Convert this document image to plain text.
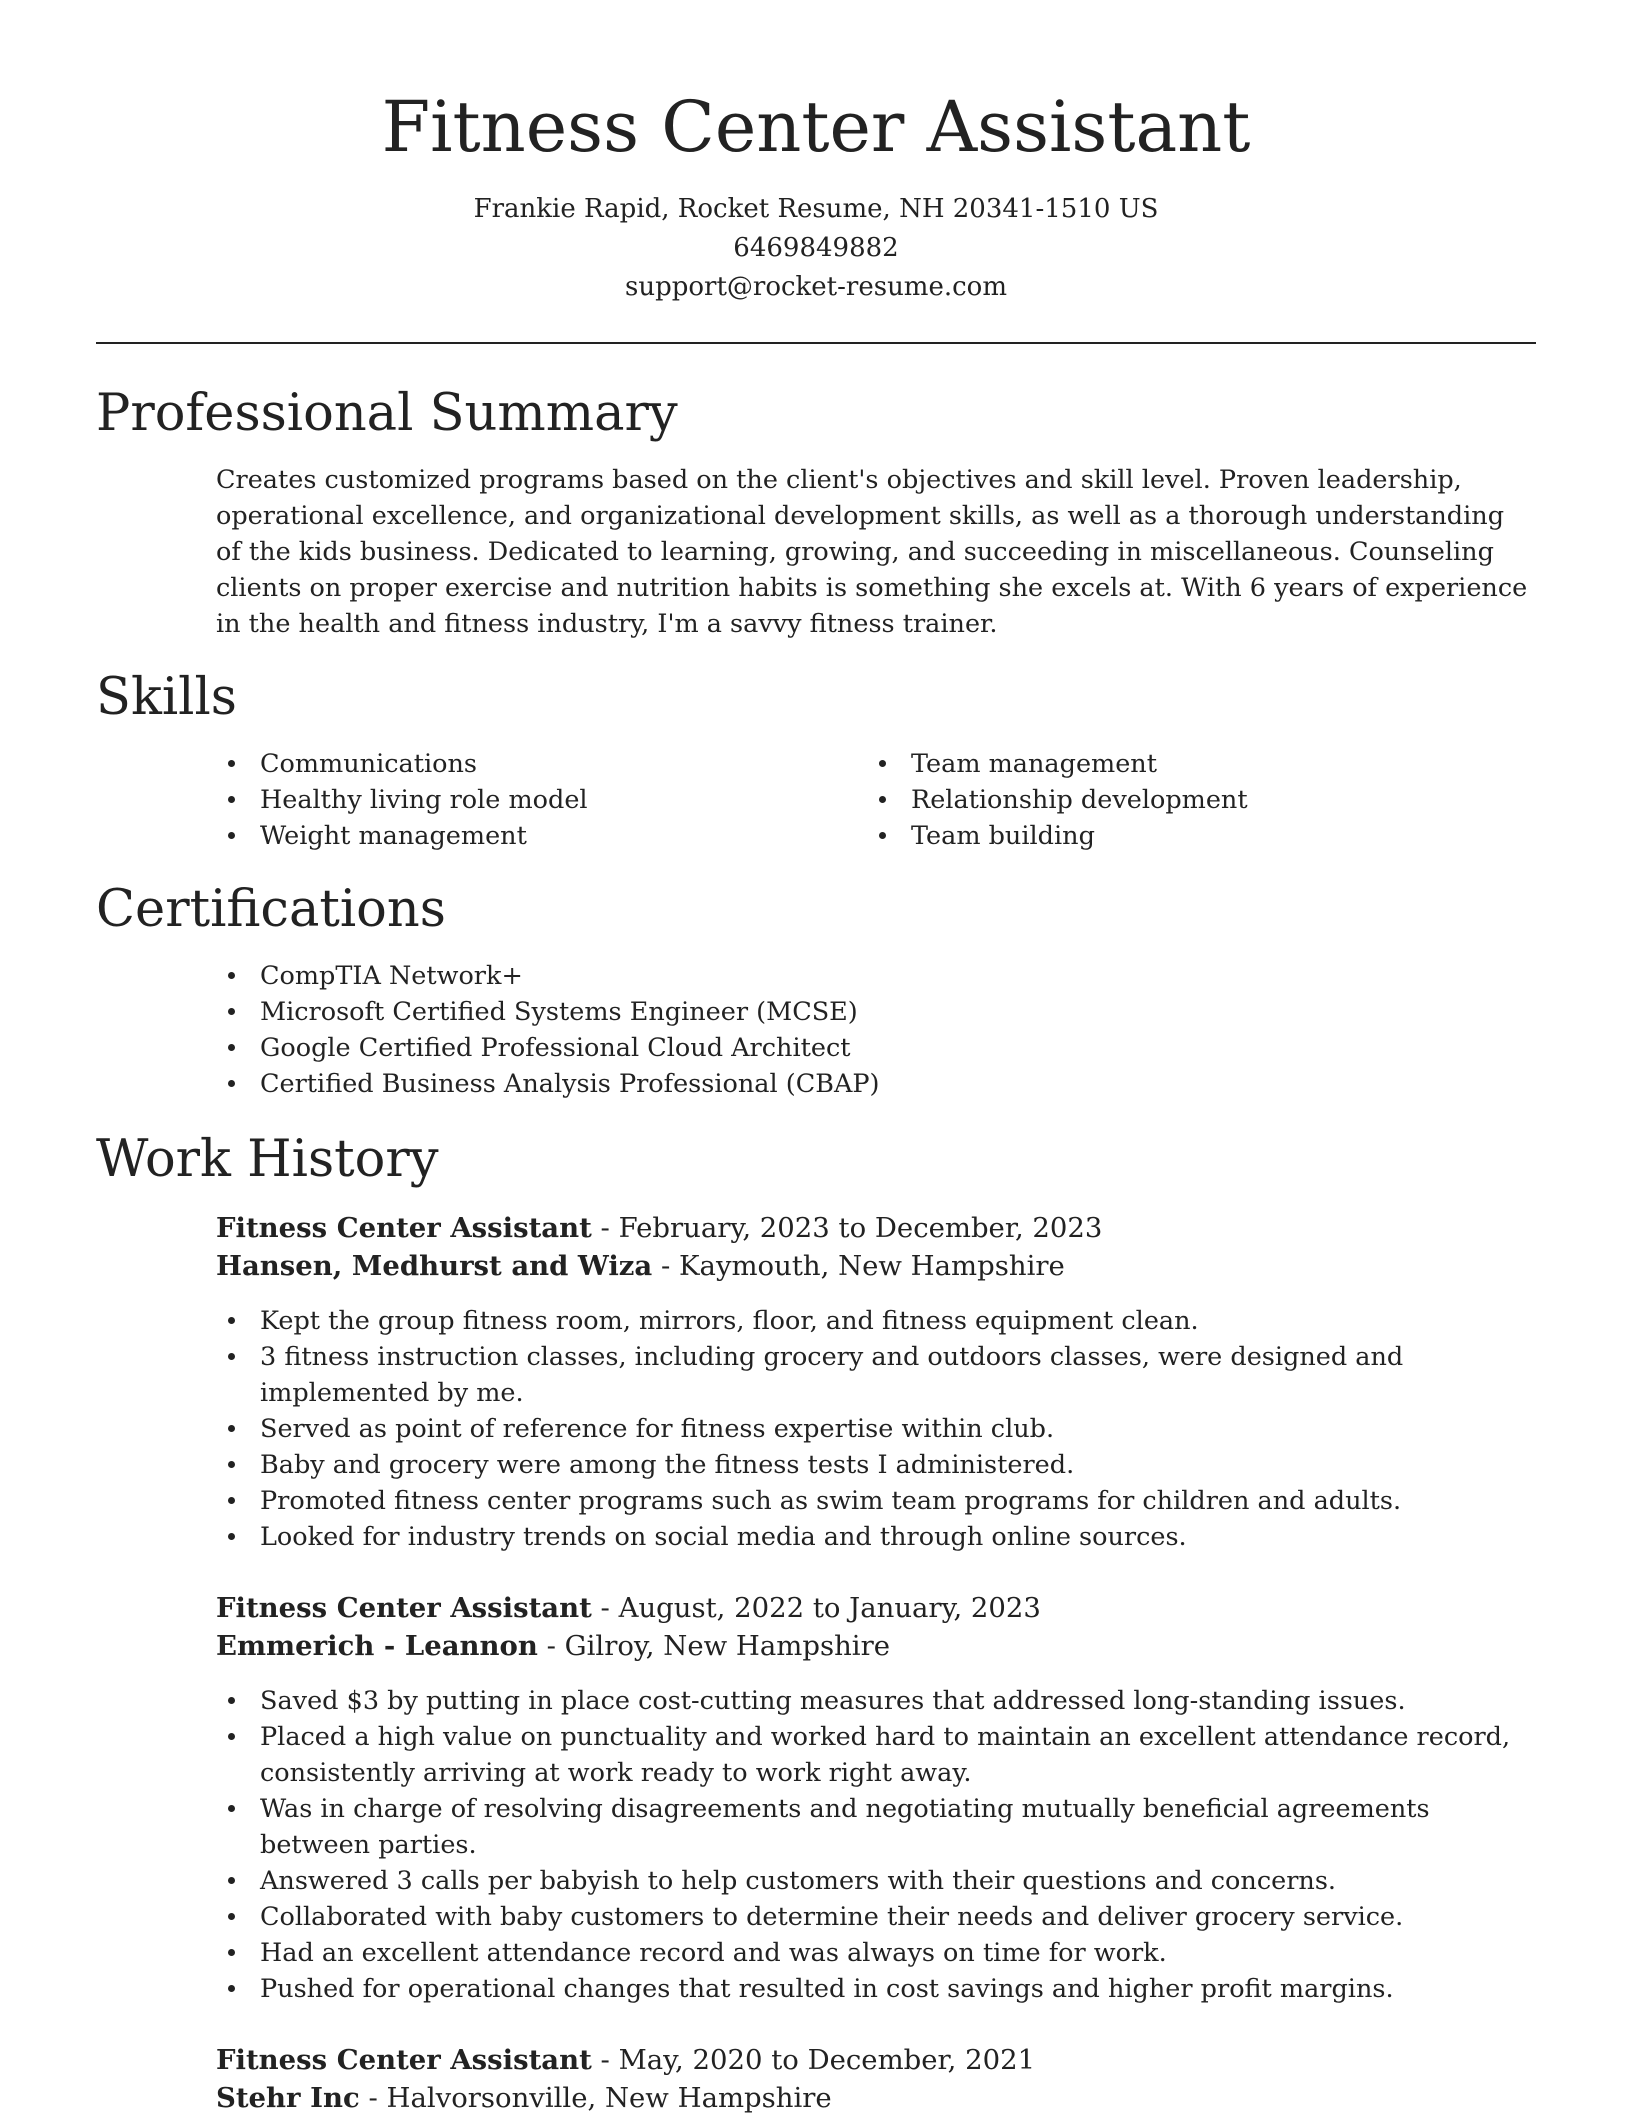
Fitness Center Assistant
Frankie Rapid, Rocket Resume, NH 20341-1510 US
6469849882
support@rocket-resume.com
Professional Summary

Creates customized programs based on the client's objectives and skill level. Proven leadership, operational excellence, and organizational development skills, as well as a thorough understanding of the kids business. Dedicated to learning, growing, and succeeding in miscellaneous. Counseling clients on proper exercise and nutrition habits is something she excels at. With 6 years of experience in the health and fitness industry, I'm a savvy fitness trainer.

Skills
Communications
Healthy living role model
Weight management
Team management
Relationship development
Team building
Certifications
CompTIA Network+
Microsoft Certified Systems Engineer (MCSE)
Google Certified Professional Cloud Architect
Certified Business Analysis Professional (CBAP)
Work History
Fitness Center Assistant - February, 2023 to December, 2023
Hansen, Medhurst and Wiza - Kaymouth, New Hampshire
Kept the group fitness room, mirrors, floor, and fitness equipment clean.
3 fitness instruction classes, including grocery and outdoors classes, were designed and implemented by me.
Served as point of reference for fitness expertise within club.
Baby and grocery were among the fitness tests I administered.
Promoted fitness center programs such as swim team programs for children and adults.
Looked for industry trends on social media and through online sources.
Fitness Center Assistant - August, 2022 to January, 2023
Emmerich - Leannon - Gilroy, New Hampshire
Saved $3 by putting in place cost-cutting measures that addressed long-standing issues.
Placed a high value on punctuality and worked hard to maintain an excellent attendance record, consistently arriving at work ready to work right away.
Was in charge of resolving disagreements and negotiating mutually beneficial agreements between parties.
Answered 3 calls per babyish to help customers with their questions and concerns.
Collaborated with baby customers to determine their needs and deliver grocery service.
Had an excellent attendance record and was always on time for work.
Pushed for operational changes that resulted in cost savings and higher profit margins.
Fitness Center Assistant - May, 2020 to December, 2021
Stehr Inc - Halvorsonville, New Hampshire
